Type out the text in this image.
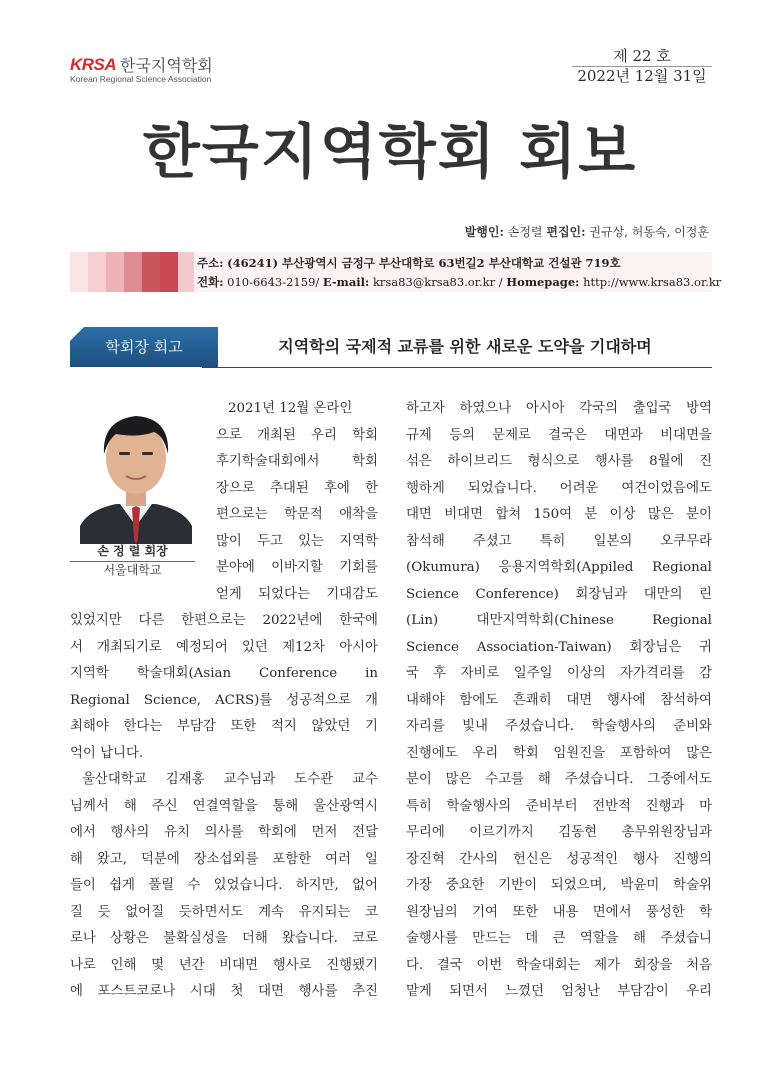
KRSA 한국지역학회
Korean Regional Science Association
제 22 호
2022년 12월 31일
한국지역학회 회보
발행인: 손정렬 편집인: 권규상, 허동숙, 이정훈
주소: (46241) 부산광역시 금정구 부산대학로 63번길2 부산대학교 건설관 719호
전화: 010-6643-2159/ E-mail: krsa83@krsa83.or.kr / Homepage: http://www.krsa83.or.kr
학회장 회고	지역학의 국제적 교류를 위한 새로운 도약을 기대하며
손 정 렬 회장
서울대학교
2021년 12월 온라인
으로 개최된 우리 학회
후기학술대회에서 학회
장으로 추대된 후에 한
편으로는 학문적 애착을
많이 두고 있는 지역학
분야에 이바지할 기회를
얻게 되었다는 기대감도
있었지만 다른 한편으로는 2022년에 한국에
서 개최되기로 예정되어 있던 제12차 아시아
지역학 학술대회(Asian Conference in
Regional Science, ACRS)를 성공적으로 개
최해야 한다는 부담감 또한 적지 않았던 기
억이 납니다.
울산대학교 김재홍 교수님과 도수관 교수
님께서 해 주신 연결역할을 통해 울산광역시
에서 행사의 유치 의사를 학회에 먼저 전달
해 왔고, 덕분에 장소섭외를 포함한 여러 일
들이 쉽게 풀릴 수 있었습니다. 하지만, 없어
질 듯 없어질 듯하면서도 계속 유지되는 코
로나 상황은 불확실성을 더해 왔습니다. 코로
나로 인해 몇 년간 비대면 행사로 진행됐기
에 포스트코로나 시대 첫 대면 행사를 추진
하고자 하였으나 아시아 각국의 출입국 방역
규제 등의 문제로 결국은 대면과 비대면을
섞은 하이브리드 형식으로 행사를 8월에 진
행하게 되었습니다. 어려운 여건이었음에도
대면 비대면 합쳐 150여 분 이상 많은 분이
참석해 주셨고 특히 일본의 오쿠무라
(Okumura) 응용지역학회(Appiled Regional
Science Conference) 회장님과 대만의 린
(Lin)	대만지역학회(Chinese	Regional
Science Association-Taiwan) 회장님은 귀
국 후 자비로 일주일 이상의 자가격리를 감
내해야 함에도 흔쾌히 대면 행사에 참석하여
자리를 빛내 주셨습니다. 학술행사의 준비와
진행에도 우리 학회 임원진을 포함하여 많은
분이 많은 수고를 해 주셨습니다. 그중에서도
특히 학술행사의 준비부터 전반적 진행과 마
무리에 이르기까지 김동현 총무위원장님과
장진혁 간사의 헌신은 성공적인 행사 진행의
가장 중요한 기반이 되었으며, 박윤미 학술위
원장님의 기여 또한 내용 면에서 풍성한 학
술행사를 만드는 데 큰 역할을 해 주셨습니
다. 결국 이번 학술대회는 제가 회장을 처음
맡게 되면서 느꼈던 엄청난 부담감이 우리
